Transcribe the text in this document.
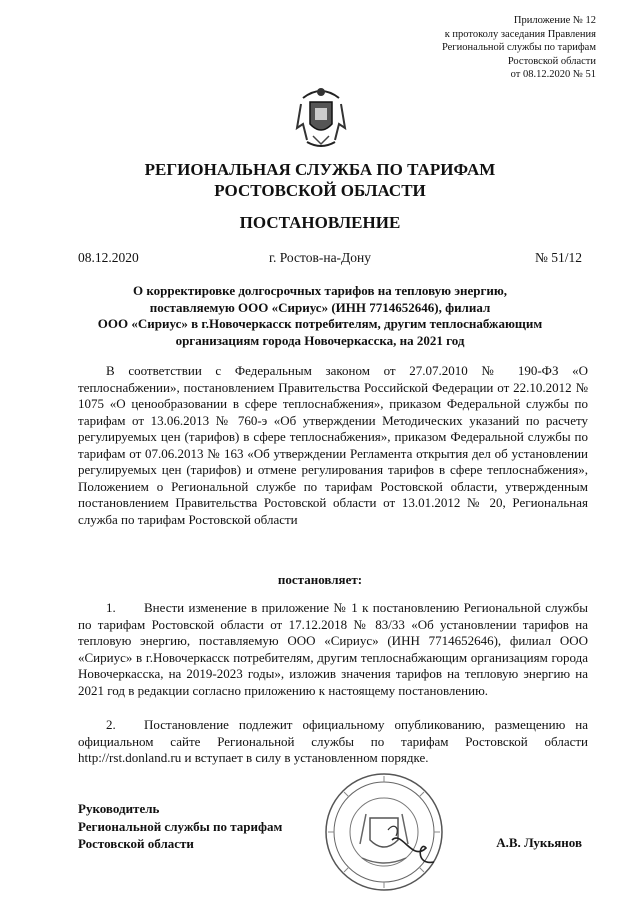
Приложение № 12
к протоколу заседания Правления
Региональной службы по тарифам
Ростовской области
от 08.12.2020 № 51
РЕГИОНАЛЬНАЯ СЛУЖБА ПО ТАРИФАМ
РОСТОВСКОЙ ОБЛАСТИ
ПОСТАНОВЛЕНИЕ
08.12.2020	г. Ростов-на-Дону	№ 51/12
О корректировке долгосрочных тарифов на тепловую энергию,
поставляемую ООО «Сириус» (ИНН 7714652646), филиал
ООО «Сириус» в г.Новочеркасск потребителям, другим теплоснабжающим
организациям города Новочеркасска, на 2021 год

В соответствии с Федеральным законом от 27.07.2010 № 190-ФЗ «О теплоснабжении», постановлением Правительства Российской Федерации от 22.10.2012 № 1075 «О ценообразовании в сфере теплоснабжения», приказом Федеральной службы по тарифам от 13.06.2013 № 760-э «Об утверждении Методических указаний по расчету регулируемых цен (тарифов) в сфере теплоснабжения», приказом Федеральной службы по тарифам от 07.06.2013 № 163 «Об утверждении Регламента открытия дел об установлении регулируемых цен (тарифов) и отмене регулирования тарифов в сфере теплоснабжения», Положением о Региональной службе по тарифам Ростовской области, утвержденным постановлением Правительства Ростовской области от 13.01.2012 № 20, Региональная служба по тарифам Ростовской области

постановляет:

1. Внести изменение в приложение № 1 к постановлению Региональной службы по тарифам Ростовской области от 17.12.2018 № 83/33 «Об установлении тарифов на тепловую энергию, поставляемую ООО «Сириус» (ИНН 7714652646), филиал ООО «Сириус» в г.Новочеркасск потребителям, другим теплоснабжающим организациям города Новочеркасска, на 2019-2023 годы», изложив значения тарифов на тепловую энергию на 2021 год в редакции согласно приложению к настоящему постановлению.

2. Постановление подлежит официальному опубликованию, размещению на официальном сайте Региональной службы по тарифам Ростовской области http://rst.donland.ru и вступает в силу в установленном порядке.

Руководитель
Региональной службы по тарифам
Ростовской области	А.В. Лукьянов
